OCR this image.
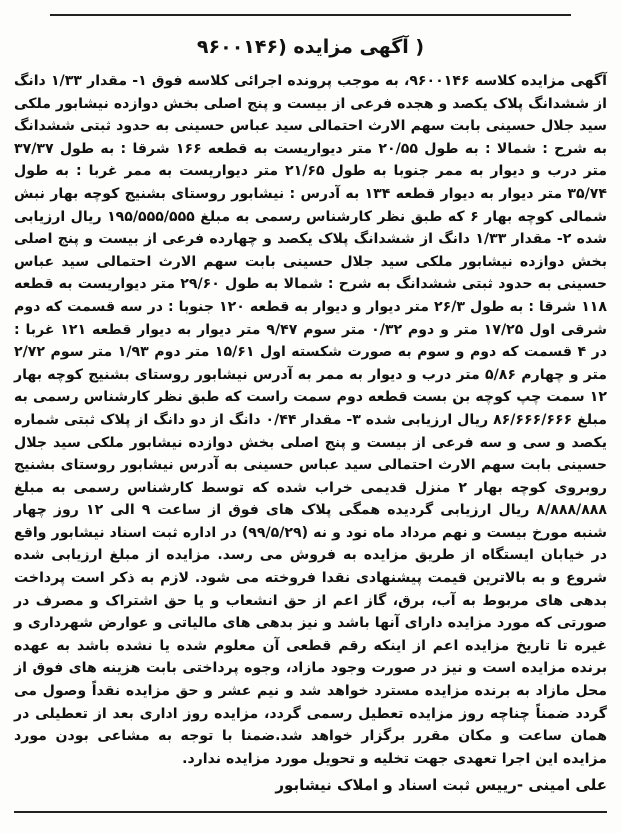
( آگهی مزایده (۹۶۰۰۱۴۶

آگهی مزایده کلاسه ۹۶۰۰۱۴۶، به موجب پرونده اجرائی کلاسه فوق ۱- مقدار ۱/۳۳ دانگ از ششدانگ پلاک یکصد و هجده فرعی از بیست و پنج اصلی بخش دوازده نیشابور ملکی سید جلال حسینی بابت سهم الارث احتمالی سید عباس حسینی به حدود ثبتی ششدانگ به شرح : شمالا : به طول ۲۰/۵۵ متر دیواریست به قطعه ۱۶۶ شرقا : به طول ۳۷/۳۷ متر درب و دیوار به ممر جنوبا به طول ۲۱/۶۵ متر دیواریست به ممر غربا : به طول ۳۵/۷۴ متر دیوار به دیوار قطعه ۱۳۴ به آدرس : نیشابور روستای بشنیج کوچه بهار نبش شمالی کوچه بهار ۶ که طبق نظر کارشناس رسمی به مبلغ ۱۹۵/۵۵۵/۵۵۵ ریال ارزیابی شده ۲- مقدار ۱/۳۳ دانگ از ششدانگ پلاک یکصد و چهارده فرعی از بیست و پنج اصلی بخش دوازده نیشابور ملکی سید جلال حسینی بابت سهم الارث احتمالی سید عباس حسینی به حدود ثبتی ششدانگ به شرح : شمالا به طول ۲۹/۶۰ متر دیواریست به قطعه ۱۱۸ شرقا : به طول ۲۶/۳ متر دیوار و دیوار به قطعه ۱۲۰ جنوبا : در سه قسمت که دوم شرقی اول ۱۷/۲۵ متر و دوم ۰/۳۲ متر سوم ۹/۴۷ متر دیوار به دیوار قطعه ۱۲۱ غربا : در ۴ قسمت که دوم و سوم به صورت شکسته اول ۱۵/۶۱ متر دوم ۱/۹۳ متر سوم ۲/۷۲ متر و چهارم ۵/۸۶ متر درب و دیوار به ممر به آدرس نیشابور روستای بشنیج کوچه بهار ۱۲ سمت چپ کوچه بن بست قطعه دوم سمت راست که طبق نظر کارشناس رسمی به مبلغ ۸۶/۶۶۶/۶۶۶ ریال ارزیابی شده ۳- مقدار ۰/۴۴ دانگ از دو دانگ از پلاک ثبتی شماره یکصد و سی و سه فرعی از بیست و پنج اصلی بخش دوازده نیشابور ملکی سید جلال حسینی بابت سهم الارث احتمالی سید عباس حسینی به آدرس نیشابور روستای بشنیج روبروی کوچه بهار ۲ منزل قدیمی خراب شده که توسط کارشناس رسمی به مبلغ ۸/۸۸۸/۸۸۸ ریال ارزیابی گردیده همگی پلاک های فوق از ساعت ۹ الی ۱۲ روز چهار شنبه مورخ بیست و نهم مرداد ماه نود و نه (۹۹/۵/۲۹) در اداره ثبت اسناد نیشابور واقع در خیابان ایستگاه از طریق مزایده به فروش می رسد. مزایده از مبلغ ارزیابی شده شروع و به بالاترین قیمت پیشنهادی نقدا فروخته می شود. لازم به ذکر است پرداخت بدهی های مربوط به آب، برق، گاز اعم از حق انشعاب و یا حق اشتراک و مصرف در صورتی که مورد مزایده دارای آنها باشد و نیز بدهی های مالیاتی و عوارض شهرداری و غیره تا تاریخ مزایده اعم از اینکه رقم قطعی آن معلوم شده یا نشده باشد به عهده برنده مزایده است و نیز در صورت وجود مازاد، وجوه پرداختی بابت هزینه های فوق از محل مازاد به برنده مزایده مسترد خواهد شد و نیم عشر و حق مزایده نقداً وصول می گردد ضمناً چناچه روز مزایده تعطیل رسمی گردد، مزایده روز اداری بعد از تعطیلی در همان ساعت و مکان مقرر برگزار خواهد شد.ضمنا با توجه به مشاعی بودن مورد مزایده این اجرا تعهدی جهت تخلیه و تحویل مورد مزایده ندارد.

علی امینی -رییس ثبت اسناد و املاک نیشابور
